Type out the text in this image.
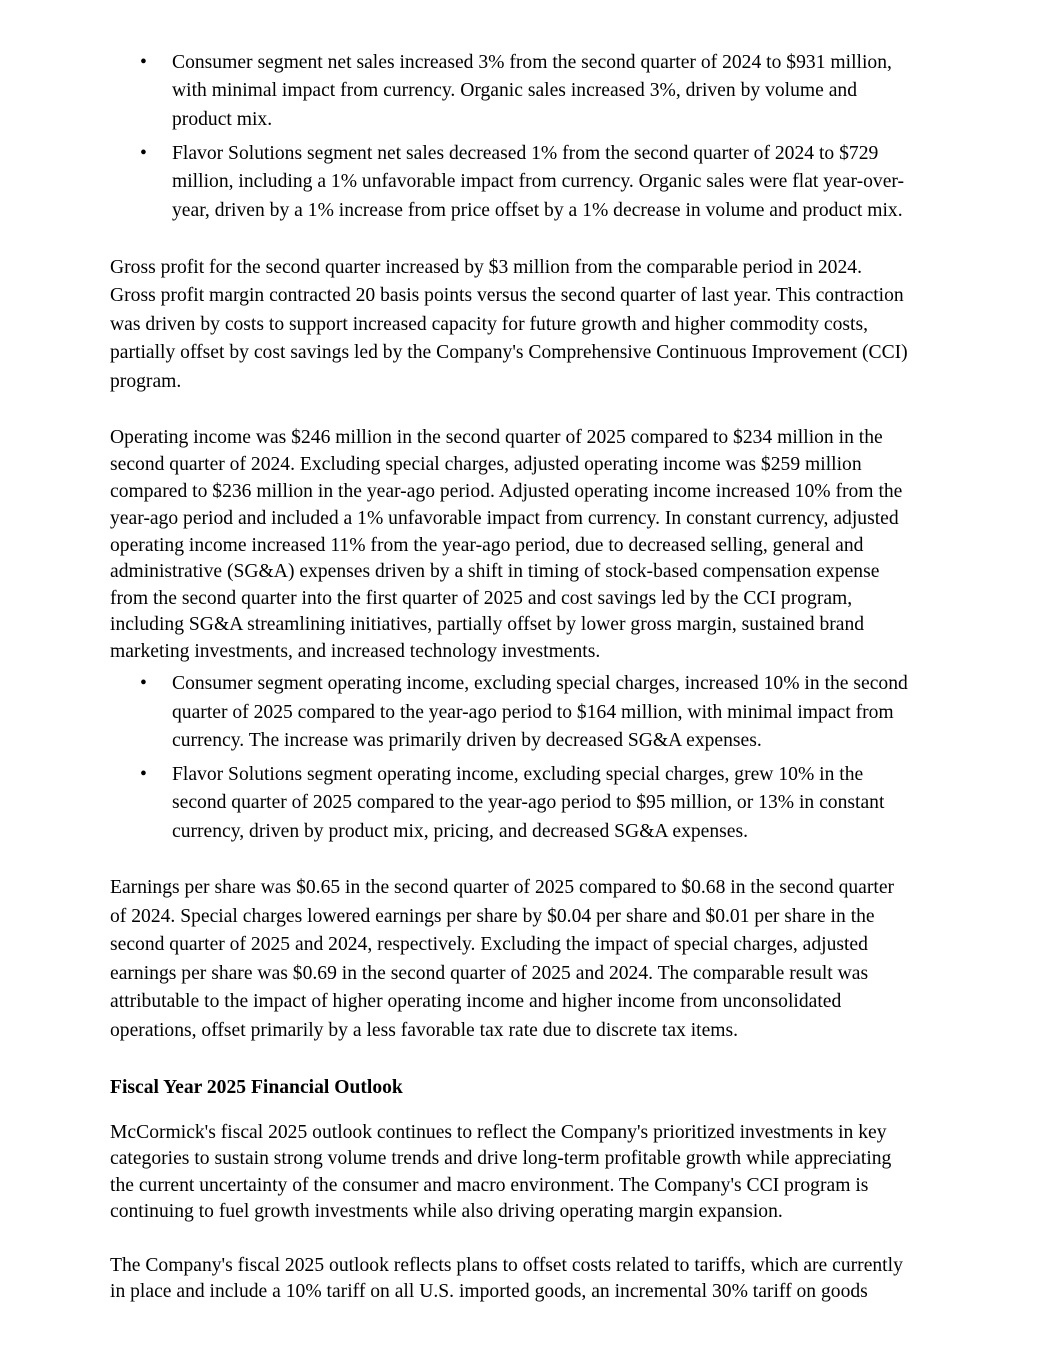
• Consumer segment net sales increased 3% from the second quarter of 2024 to $931 million,
with minimal impact from currency. Organic sales increased 3%, driven by volume and
product mix.
• Flavor Solutions segment net sales decreased 1% from the second quarter of 2024 to $729
million, including a 1% unfavorable impact from currency. Organic sales were flat year-over-
year, driven by a 1% increase from price offset by a 1% decrease in volume and product mix.
Gross profit for the second quarter increased by $3 million from the comparable period in 2024.
Gross profit margin contracted 20 basis points versus the second quarter of last year. This contraction
was driven by costs to support increased capacity for future growth and higher commodity costs,
partially offset by cost savings led by the Company's Comprehensive Continuous Improvement (CCI)
program.
Operating income was $246 million in the second quarter of 2025 compared to $234 million in the
second quarter of 2024. Excluding special charges, adjusted operating income was $259 million
compared to $236 million in the year-ago period. Adjusted operating income increased 10% from the
year-ago period and included a 1% unfavorable impact from currency. In constant currency, adjusted
operating income increased 11% from the year-ago period, due to decreased selling, general and
administrative (SG&A) expenses driven by a shift in timing of stock-based compensation expense
from the second quarter into the first quarter of 2025 and cost savings led by the CCI program,
including SG&A streamlining initiatives, partially offset by lower gross margin, sustained brand
marketing investments, and increased technology investments.
• Consumer segment operating income, excluding special charges, increased 10% in the second
quarter of 2025 compared to the year-ago period to $164 million, with minimal impact from
currency. The increase was primarily driven by decreased SG&A expenses.
• Flavor Solutions segment operating income, excluding special charges, grew 10% in the
second quarter of 2025 compared to the year-ago period to $95 million, or 13% in constant
currency, driven by product mix, pricing, and decreased SG&A expenses.
Earnings per share was $0.65 in the second quarter of 2025 compared to $0.68 in the second quarter
of 2024. Special charges lowered earnings per share by $0.04 per share and $0.01 per share in the
second quarter of 2025 and 2024, respectively. Excluding the impact of special charges, adjusted
earnings per share was $0.69 in the second quarter of 2025 and 2024. The comparable result was
attributable to the impact of higher operating income and higher income from unconsolidated
operations, offset primarily by a less favorable tax rate due to discrete tax items.
Fiscal Year 2025 Financial Outlook
McCormick's fiscal 2025 outlook continues to reflect the Company's prioritized investments in key
categories to sustain strong volume trends and drive long-term profitable growth while appreciating
the current uncertainty of the consumer and macro environment. The Company's CCI program is
continuing to fuel growth investments while also driving operating margin expansion.
The Company's fiscal 2025 outlook reflects plans to offset costs related to tariffs, which are currently
in place and include a 10% tariff on all U.S. imported goods, an incremental 30% tariff on goods
